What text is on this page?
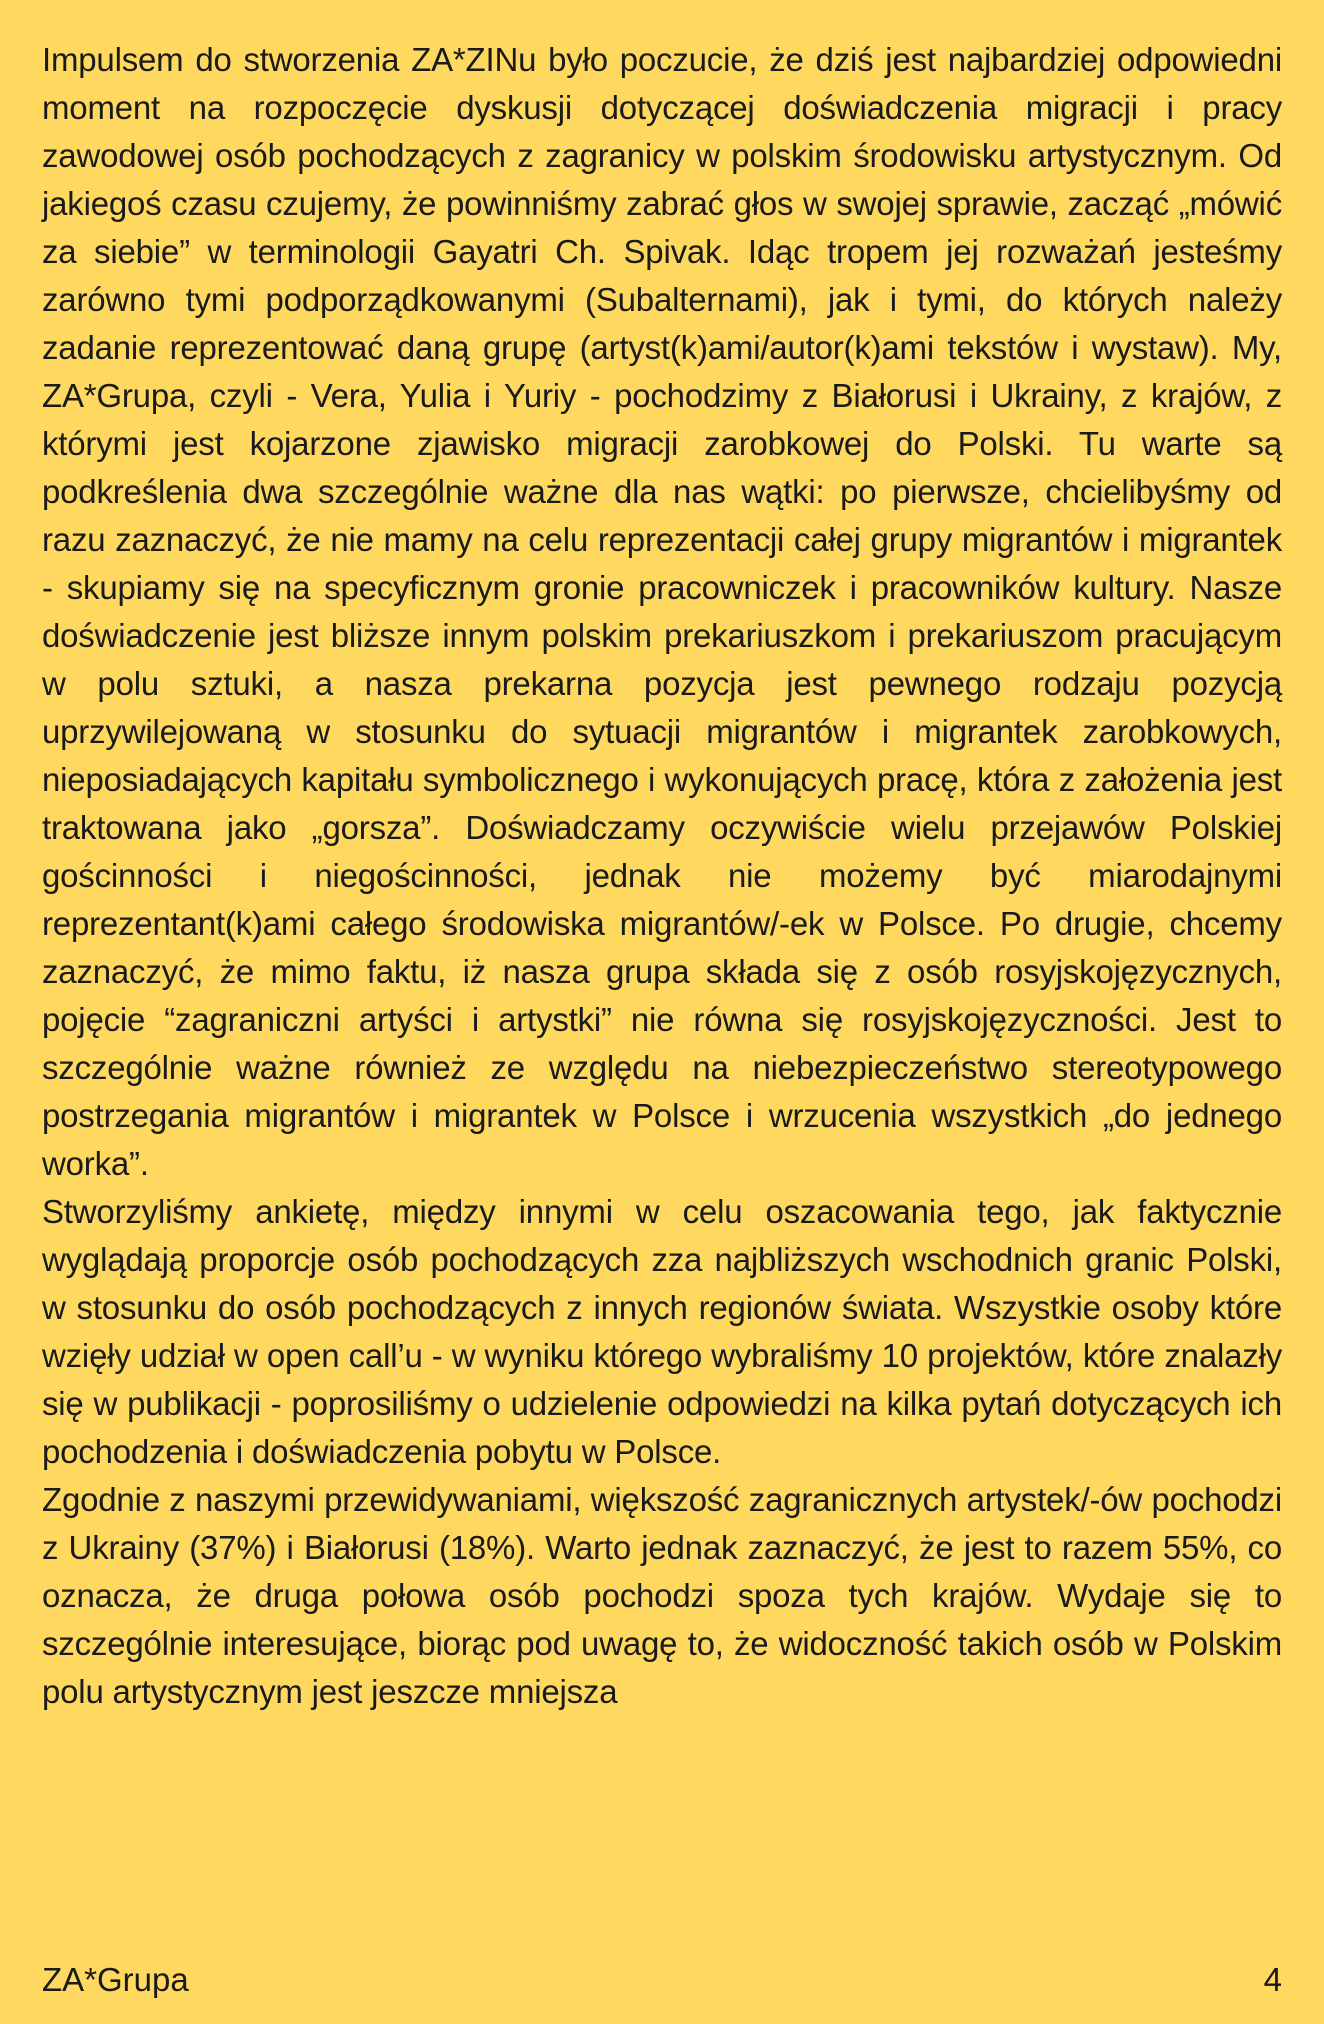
Impulsem do stworzenia ZA*ZINu było poczucie, że dziś jest najbardziej odpowiedni moment na rozpoczęcie dyskusji dotyczącej doświadczenia migracji i pracy zawodowej osób pochodzących z zagranicy w polskim środowisku artystycznym. Od jakiegoś czasu czujemy, że powinniśmy zabrać głos w swojej sprawie, zacząć „mówić za siebie” w terminologii Gayatri Ch. Spivak. Idąc tropem jej rozważań jesteśmy zarówno tymi podporządkowanymi (Subalternami), jak i tymi, do których należy zadanie reprezentować daną grupę (artyst(k)ami/autor(k)ami tekstów i wystaw). My, ZA*Grupa, czyli - Vera, Yulia i Yuriy - pochodzimy z Białorusi i Ukrainy, z krajów, z którymi jest kojarzone zjawisko migracji zarobkowej do Polski. Tu warte są podkreślenia dwa szczególnie ważne dla nas wątki: po pierwsze, chcielibyśmy od razu zaznaczyć, że nie mamy na celu reprezentacji całej grupy migrantów i migrantek - skupiamy się na specyficznym gronie pracowniczek i pracowników kultury. Nasze doświadczenie jest bliższe innym polskim prekariuszkom i prekariuszom pracującym w polu sztuki, a nasza prekarna pozycja jest pewnego rodzaju pozycją uprzywilejowaną w stosunku do sytuacji migrantów i migrantek zarobkowych, nieposiadających kapitału symbolicznego i wykonujących pracę, która z założenia jest traktowana jako „gorsza”. Doświadczamy oczywiście wielu przejawów Polskiej gościnności i niegościnności, jednak nie możemy być miarodajnymi reprezentant(k)ami całego środowiska migrantów/-ek w Polsce. Po drugie, chcemy zaznaczyć, że mimo faktu, iż nasza grupa składa się z osób rosyjskojęzycznych, pojęcie “zagraniczni artyści i artystki” nie równa się rosyjskojęzyczności. Jest to szczególnie ważne również ze względu na niebezpieczeństwo stereotypowego postrzegania migrantów i migrantek w Polsce i wrzucenia wszystkich „do jednego worka”.

Stworzyliśmy ankietę, między innymi w celu oszacowania tego, jak faktycznie wyglądają proporcje osób pochodzących zza najbliższych wschodnich granic Polski, w stosunku do osób pochodzących z innych regionów świata. Wszystkie osoby które wzięły udział w open call’u - w wyniku którego wybraliśmy 10 projektów, które znalazły się w publikacji - poprosiliśmy o udzielenie odpowiedzi na kilka pytań dotyczących ich pochodzenia i doświadczenia pobytu w Polsce.

Zgodnie z naszymi przewidywaniami, większość zagranicznych artystek/-ów pochodzi z Ukrainy (37%) i Białorusi (18%). Warto jednak zaznaczyć, że jest to razem 55%, co oznacza, że druga połowa osób pochodzi spoza tych krajów. Wydaje się to szczególnie interesujące, biorąc pod uwagę to, że widoczność takich osób w Polskim polu artystycznym jest jeszcze mniejsza

ZA*Grupa	4
